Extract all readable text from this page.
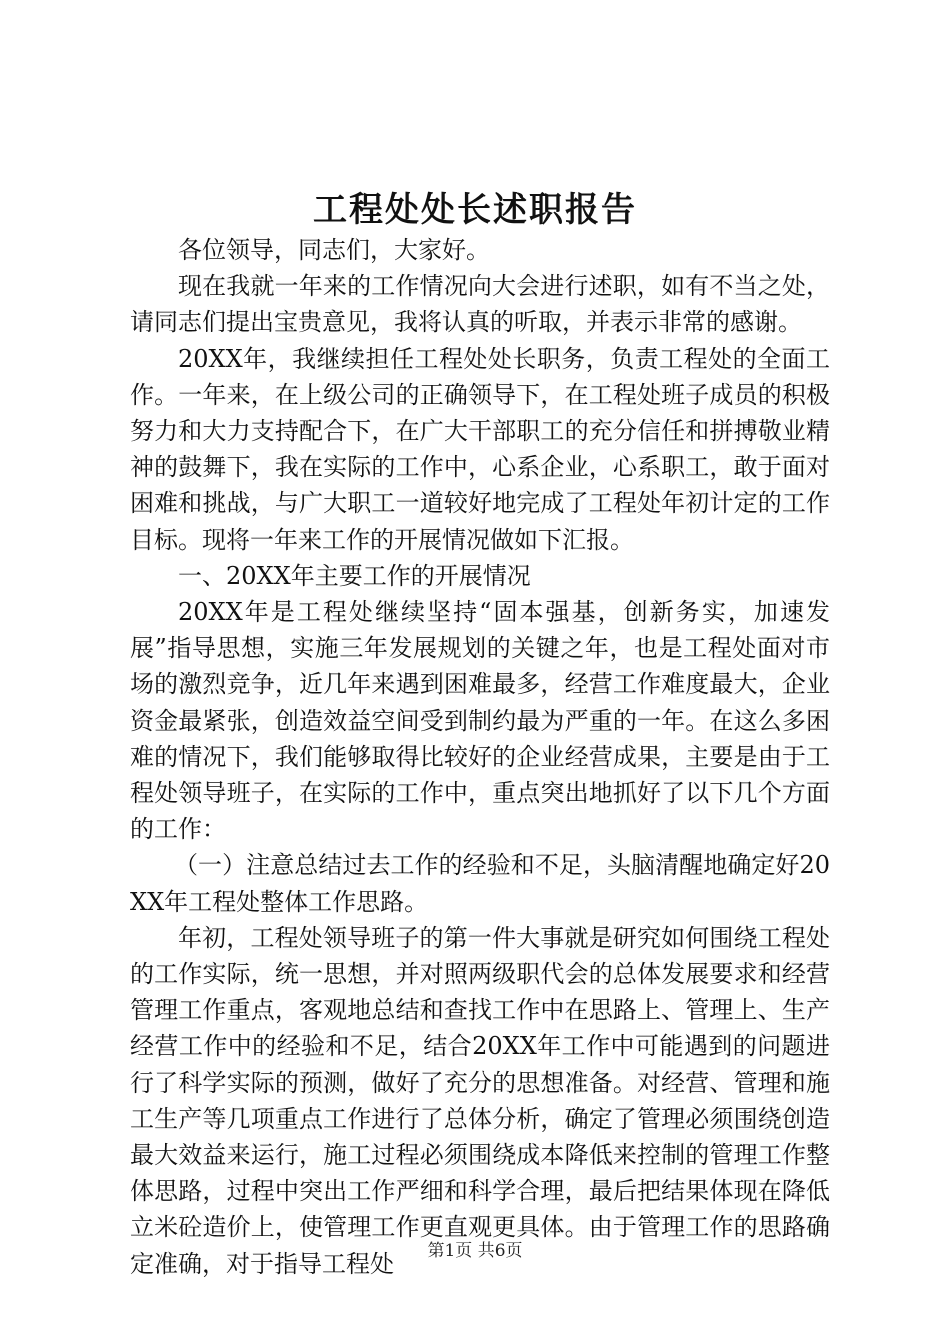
工程处处长述职报告

各位领导，同志们，大家好。

现在我就一年来的工作情况向大会进行述职，如有不当之处，请同志们提出宝贵意见，我将认真的听取，并表示非常的感谢。

20XX年，我继续担任工程处处长职务，负责工程处的全面工作。一年来，在上级公司的正确领导下，在工程处班子成员的积极努力和大力支持配合下，在广大干部职工的充分信任和拼搏敬业精神的鼓舞下，我在实际的工作中，心系企业，心系职工，敢于面对困难和挑战，与广大职工一道较好地完成了工程处年初计定的工作目标。现将一年来工作的开展情况做如下汇报。

一、20XX年主要工作的开展情况

20XX年是工程处继续坚持“固本强基，创新务实，加速发展”指导思想，实施三年发展规划的关键之年，也是工程处面对市场的激烈竞争，近几年来遇到困难最多，经营工作难度最大，企业资金最紧张，创造效益空间受到制约最为严重的一年。在这么多困难的情况下，我们能够取得比较好的企业经营成果，主要是由于工程处领导班子，在实际的工作中，重点突出地抓好了以下几个方面的工作：

（一）注意总结过去工作的经验和不足，头脑清醒地确定好20XX年工程处整体工作思路。

年初，工程处领导班子的第一件大事就是研究如何围绕工程处的工作实际，统一思想，并对照两级职代会的总体发展要求和经营管理工作重点，客观地总结和查找工作中在思路上、管理上、生产经营工作中的经验和不足，结合20XX年工作中可能遇到的问题进行了科学实际的预测，做好了充分的思想准备。对经营、管理和施工生产等几项重点工作进行了总体分析，确定了管理必须围绕创造最大效益来运行，施工过程必须围绕成本降低来控制的管理工作整体思路，过程中突出工作严细和科学合理，最后把结果体现在降低立米砼造价上，使管理工作更直观更具体。由于管理工作的思路确定准确，对于指导工程处	第1页 共6页
